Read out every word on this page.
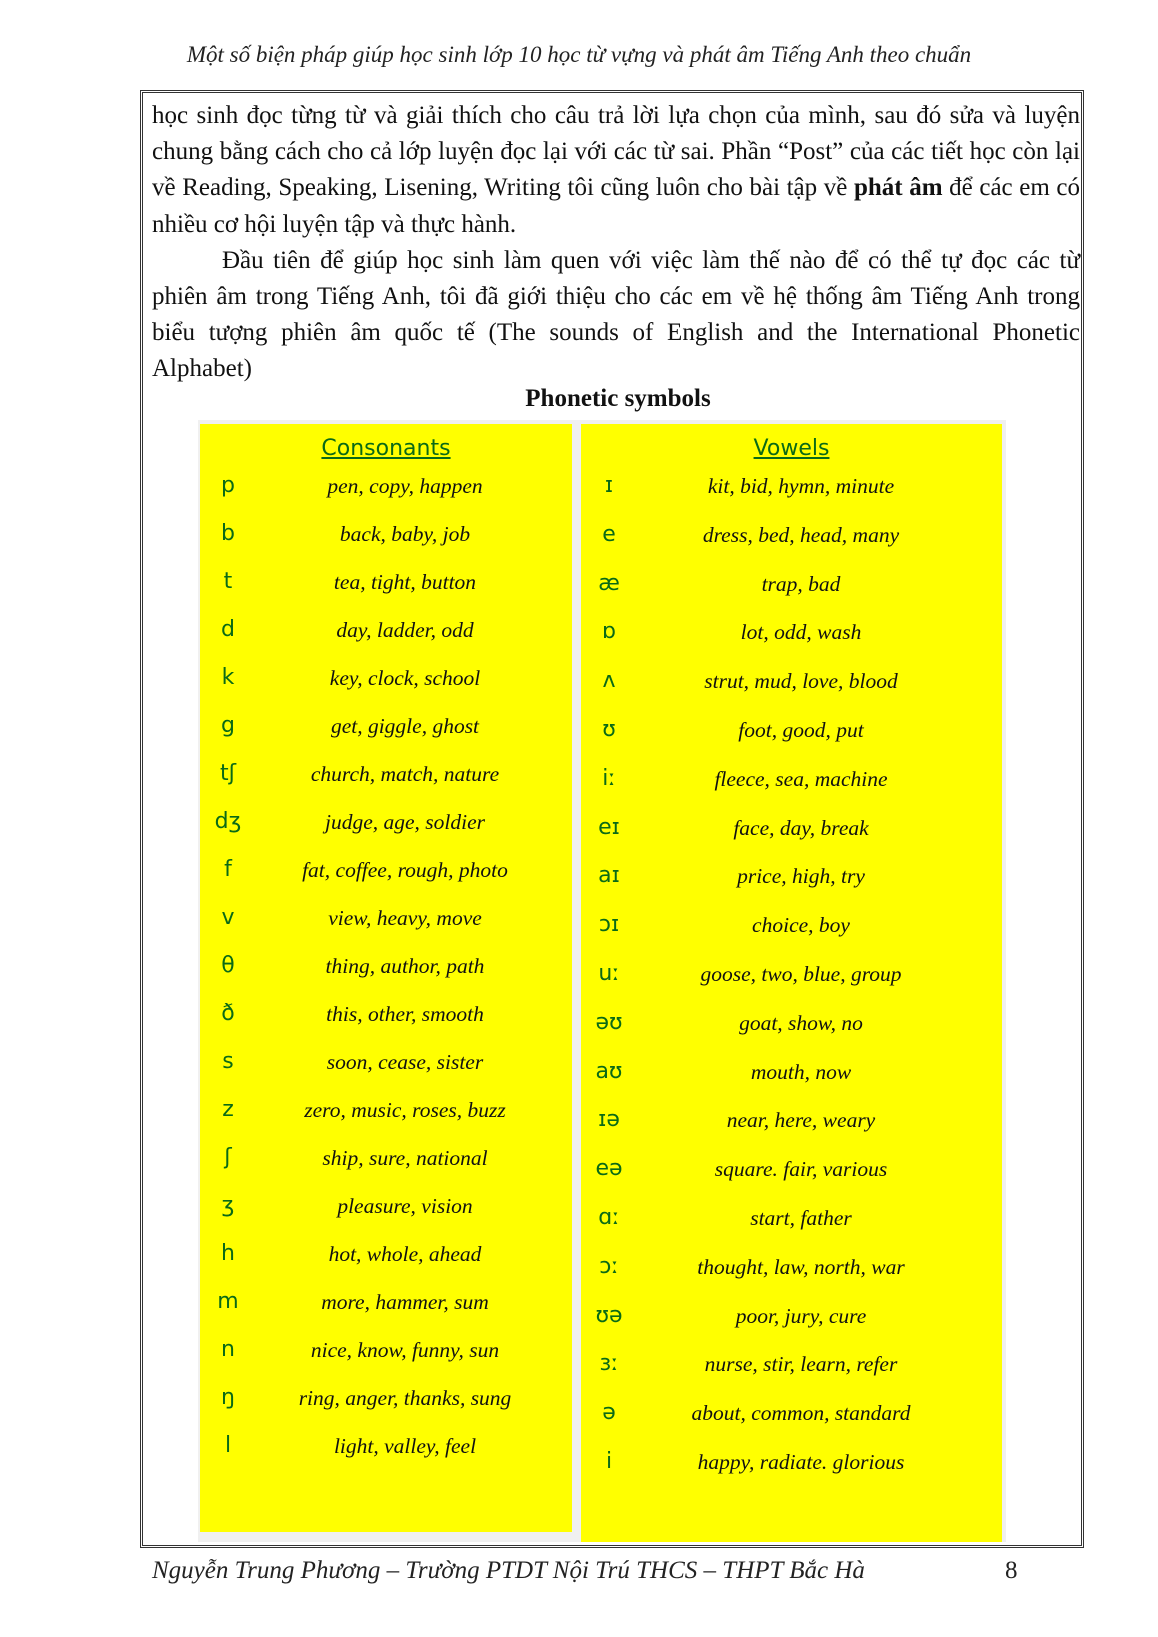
Một số biện pháp giúp học sinh lớp 10 học từ vựng và phát âm Tiếng Anh theo chuẩn

học sinh đọc từng từ và giải thích cho câu trả lời lựa chọn của mình, sau đó sửa và luyện chung bằng cách cho cả lớp luyện đọc lại với các từ sai. Phần “Post” của các tiết học còn lại về Reading, Speaking, Lisening, Writing tôi cũng luôn cho bài tập về phát âm để các em có nhiều cơ hội luyện tập và thực hành.

Đầu tiên để giúp học sinh làm quen với việc làm thế nào để có thể tự đọc các từ phiên âm trong Tiếng Anh, tôi đã giới thiệu cho các em về hệ thống âm Tiếng Anh trong biểu tượng phiên âm quốc tế (The sounds of English and the International Phonetic Alphabet)

Phonetic symbols
Consonants
p	pen, copy, happen
b	back, baby, job
t	tea, tight, button
d	day, ladder, odd
k	key, clock, school
g	get, giggle, ghost
tʃ	church, match, nature
dʒ	judge, age, soldier
f	fat, coffee, rough, photo
v	view, heavy, move
θ	thing, author, path
ð	this, other, smooth
s	soon, cease, sister
z	zero, music, roses, buzz
ʃ	ship, sure, national
ʒ	pleasure, vision
h	hot, whole, ahead
m	more, hammer, sum
n	nice, know, funny, sun
ŋ	ring, anger, thanks, sung
l	light, valley, feel
Vowels
ɪ	kit, bid, hymn, minute
e	dress, bed, head, many
æ	trap, bad
ɒ	lot, odd, wash
ʌ	strut, mud, love, blood
ʊ	foot, good, put
iː	fleece, sea, machine
eɪ	face, day, break
aɪ	price, high, try
ɔɪ	choice, boy
uː	goose, two, blue, group
əʊ	goat, show, no
aʊ	mouth, now
ɪə	near, here, weary
eə	square. fair, various
ɑː	start, father
ɔː	thought, law, north, war
ʊə	poor, jury, cure
ɜː	nurse, stir, learn, refer
ə	about, common, standard
i	happy, radiate. glorious
Nguyễn Trung Phương – Trường PTDT Nội Trú THCS – THPT Bắc Hà	8
